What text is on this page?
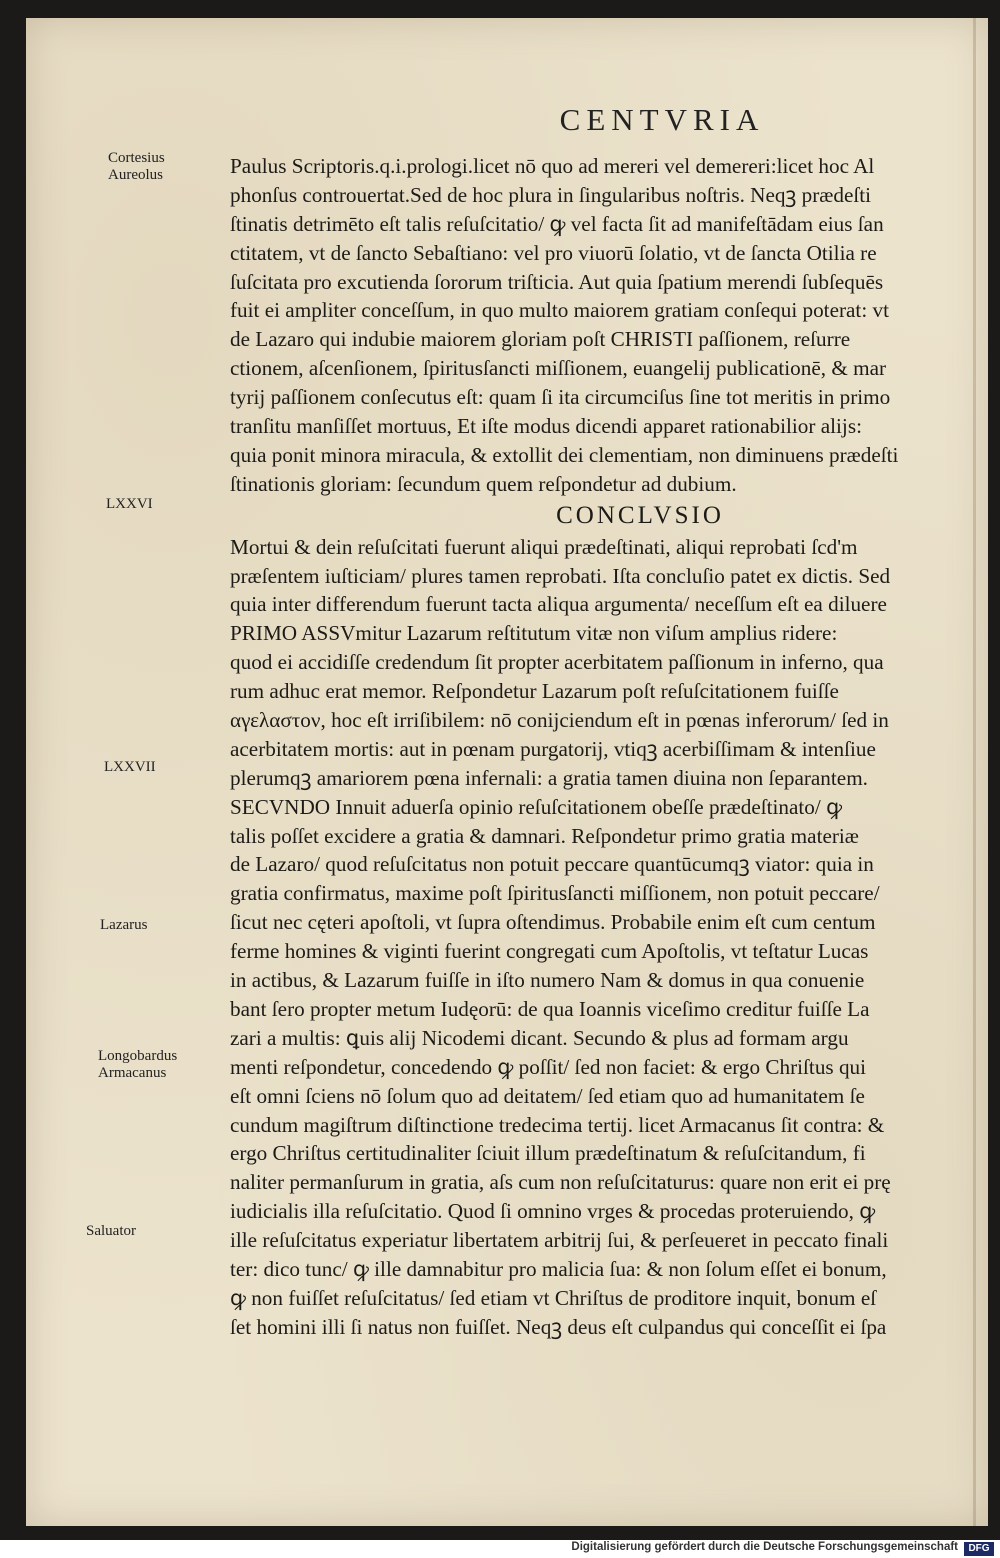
CENTVRIA
Cortesius
Aureolus
LXXVI
LXXVII
Lazarus
Longobardus
Armacanus
Saluator
Paulus Scriptoris.q.i.prologi.licet nō quo ad mereri vel demereri:licet hoc Al
phonſus controuertat.Sed de hoc plura in ſingularibus noſtris. Neqꝫ prædeſti
ſtinatis detrimēto eſt talis reſuſcitatio/ ꝙ vel facta ſit ad manifeſtādam eius ſan
ctitatem, vt de ſancto Sebaſtiano: vel pro viuorū ſolatio, vt de ſancta Otilia re
ſuſcitata pro excutienda ſororum triſticia. Aut quia ſpatium merendi ſubſequēs
fuit ei ampliter conceſſum, in quo multo maiorem gratiam conſequi poterat: vt
de Lazaro qui indubie maiorem gloriam poſt CHRISTI paſſionem, reſurre
ctionem, aſcenſionem, ſpiritusſancti miſſionem, euangelij publicationē, & mar
tyrij paſſionem conſecutus eſt: quam ſi ita circumciſus ſine tot meritis in primo
tranſitu manſiſſet mortuus, Et iſte modus dicendi apparet rationabilior alijs:
quia ponit minora miracula, & extollit dei clementiam, non diminuens prædeſti
ſtinationis gloriam: ſecundum quem reſpondetur ad dubium.
CONCLVSIO
Mortui & dein reſuſcitati fuerunt aliqui prædeſtinati, aliqui reprobati ſcd'm
præſentem iuſticiam/ plures tamen reprobati. Iſta concluſio patet ex dictis. Sed
quia inter differendum fuerunt tacta aliqua argumenta/ neceſſum eſt ea diluere
PRIMO ASSVmitur Lazarum reſtitutum vitæ non viſum amplius ridere:
quod ei accidiſſe credendum ſit propter acerbitatem paſſionum in inferno, qua
rum adhuc erat memor. Reſpondetur Lazarum poſt reſuſcitationem fuiſſe
αγελαστον, hoc eſt irriſibilem: nō conijciendum eſt in pœnas inferorum/ ſed in
acerbitatem mortis: aut in pœnam purgatorij, vtiqꝫ acerbiſſimam & intenſiue
plerumqꝫ amariorem pœna infernali: a gratia tamen diuina non ſeparantem.
SECVNDO Innuit aduerſa opinio reſuſcitationem obeſſe prædeſtinato/ ꝙ
talis poſſet excidere a gratia & damnari. Reſpondetur primo gratia materiæ
de Lazaro/ quod reſuſcitatus non potuit peccare quantūcumqꝫ viator: quia in
gratia confirmatus, maxime poſt ſpiritusſancti miſſionem, non potuit peccare/
ſicut nec cęteri apoſtoli, vt ſupra oſtendimus. Probabile enim eſt cum centum
ferme homines & viginti fuerint congregati cum Apoſtolis, vt teſtatur Lucas
in actibus, & Lazarum fuiſſe in iſto numero Nam & domus in qua conuenie
bant ſero propter metum Iudęorū: de qua Ioannis viceſimo creditur fuiſſe La
zari a multis: ꝗuis alij Nicodemi dicant. Secundo & plus ad formam argu
menti reſpondetur, concedendo ꝙ poſſit/ ſed non faciet: & ergo Chriſtus qui
eſt omni ſciens nō ſolum quo ad deitatem/ ſed etiam quo ad humanitatem ſe
cundum magiſtrum diſtinctione tredecima tertij. licet Armacanus ſit contra: &
ergo Chriſtus certitudinaliter ſciuit illum prædeſtinatum & reſuſcitandum, fi
naliter permanſurum in gratia, aſs cum non reſuſcitaturus: quare non erit ei prę
iudicialis illa reſuſcitatio. Quod ſi omnino vrges & procedas proteruiendo, ꝙ
ille reſuſcitatus experiatur libertatem arbitrij ſui, & perſeueret in peccato finali
ter: dico tunc/ ꝙ ille damnabitur pro malicia ſua: & non ſolum eſſet ei bonum,
ꝙ non fuiſſet reſuſcitatus/ ſed etiam vt Chriſtus de proditore inquit, bonum eſ
ſet homini illi ſi natus non fuiſſet. Neqꝫ deus eſt culpandus qui conceſſit ei ſpa
Digitalisierung gefördert durch die Deutsche Forschungsgemeinschaft	DFG
